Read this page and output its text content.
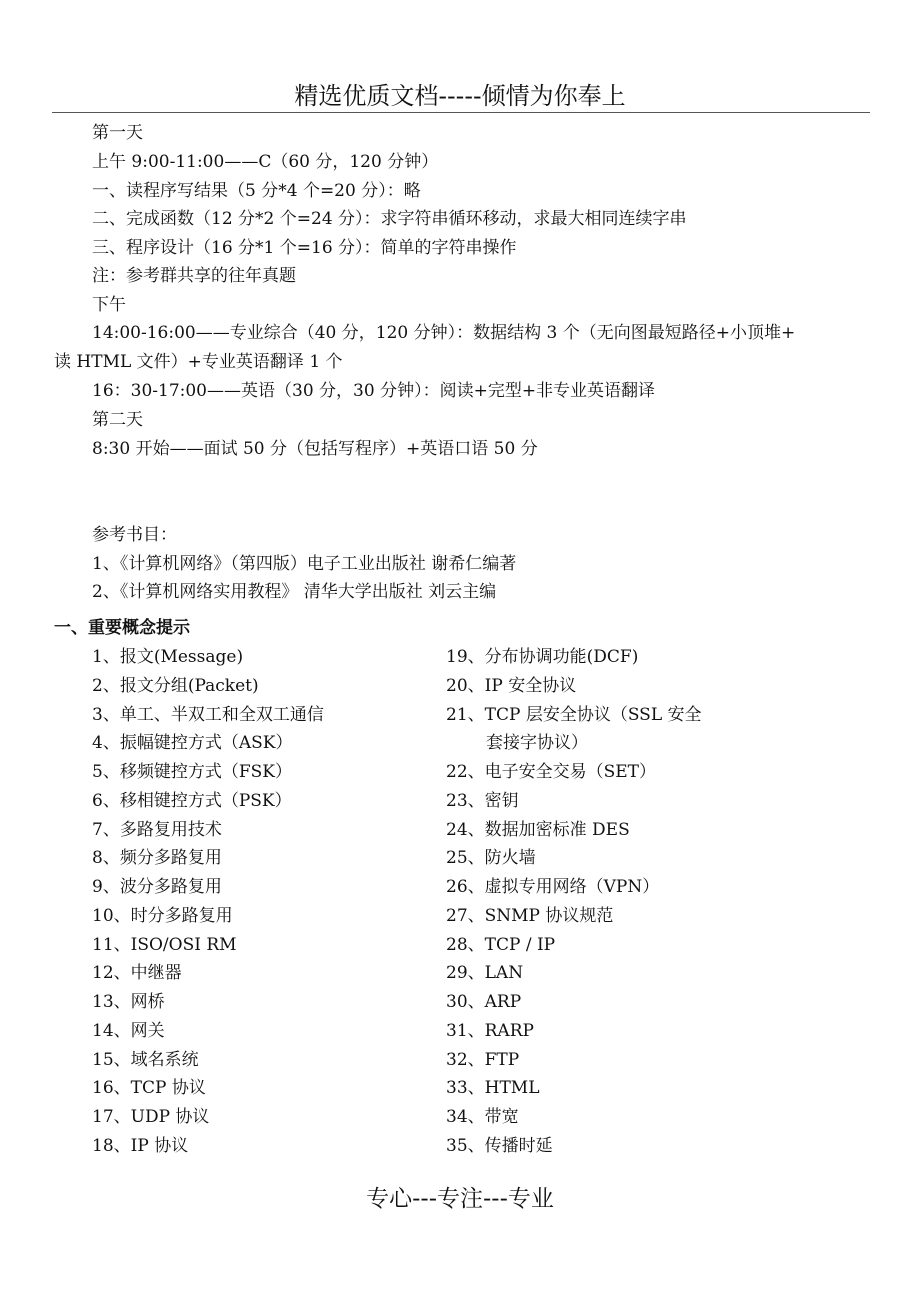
精选优质文档-----倾情为你奉上
第一天
上午 9:00-11:00——C（60 分，120 分钟）
一、读程序写结果（5 分*4 个=20 分）：略
二、完成函数（12 分*2 个=24 分）：求字符串循环移动，求最大相同连续字串
三、程序设计（16 分*1 个=16 分）：简单的字符串操作
注：参考群共享的往年真题
下午
14:00-16:00——专业综合（40 分，120 分钟）：数据结构 3 个（无向图最短路径+小顶堆+
读 HTML 文件）+专业英语翻译 1 个
16：30-17:00——英语（30 分，30 分钟）：阅读+完型+非专业英语翻译
第二天
8:30 开始——面试 50 分（包括写程序）+英语口语 50 分
参考书目：
1、《计算机网络》（第四版）电子工业出版社 谢希仁编著
2、《计算机网络实用教程》 清华大学出版社 刘云主编
一、重要概念提示
1、报文(Message)
2、报文分组(Packet)
3、单工、半双工和全双工通信
4、振幅键控方式（ASK）
5、移频键控方式（FSK）
6、移相键控方式（PSK）
7、多路复用技术
8、频分多路复用
9、波分多路复用
10、时分多路复用
11、ISO/OSI RM
12、中继器
13、网桥
14、网关
15、域名系统
16、TCP 协议
17、UDP 协议
18、IP 协议
19、分布协调功能(DCF)
20、IP 安全协议
21、TCP 层安全协议（SSL 安全
套接字协议）
22、电子安全交易（SET）
23、密钥
24、数据加密标准 DES
25、防火墙
26、虚拟专用网络（VPN）
27、SNMP 协议规范
28、TCP / IP
29、LAN
30、ARP
31、RARP
32、FTP
33、HTML
34、带宽
35、传播时延
专心---专注---专业
